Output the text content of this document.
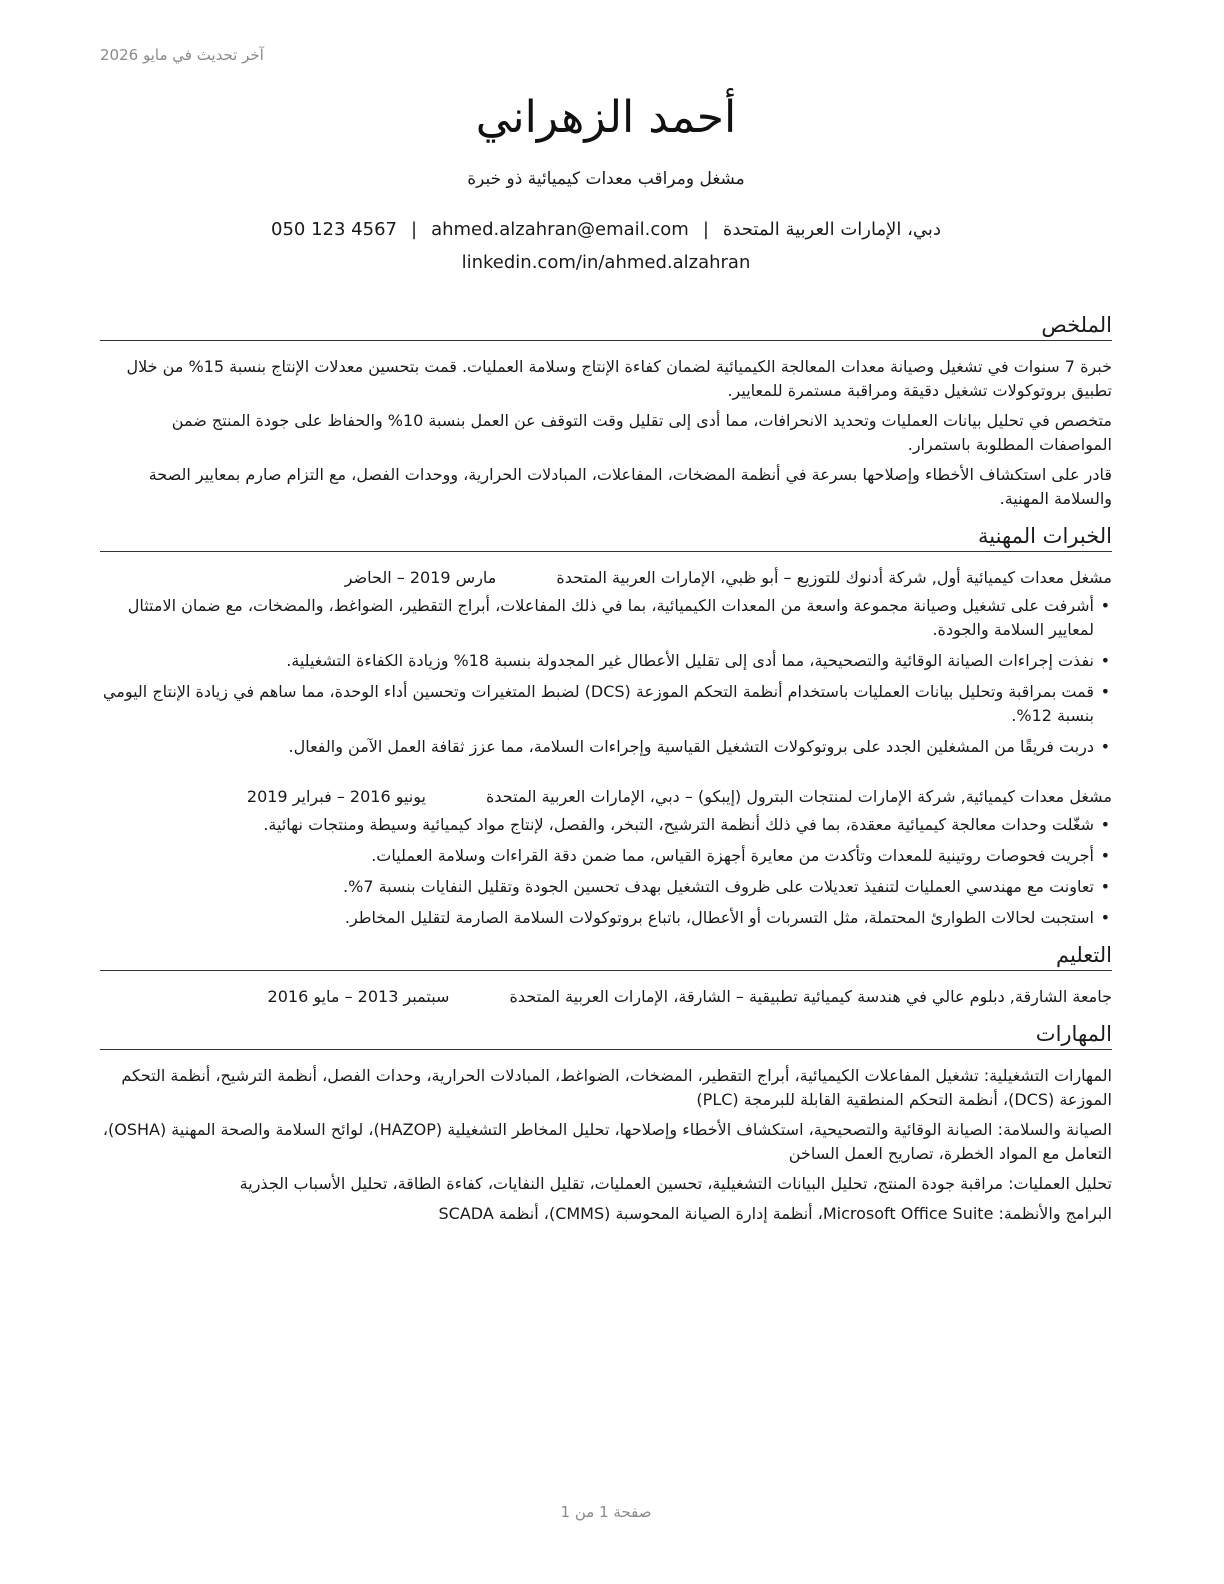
آخر تحديث في مايو 2026
أحمد الزهراني
مشغل ومراقب معدات كيميائية ذو خبرة
دبي، الإمارات العربية المتحدة|ahmed.alzahran@email.com|050 123 4567
linkedin.com/in/ahmed.alzahran
الملخص

خبرة 7 سنوات في تشغيل وصيانة معدات المعالجة الكيميائية لضمان كفاءة الإنتاج وسلامة العمليات. قمت بتحسين معدلات الإنتاج بنسبة 15% من خلال تطبيق بروتوكولات تشغيل دقيقة ومراقبة مستمرة للمعايير.

متخصص في تحليل بيانات العمليات وتحديد الانحرافات، مما أدى إلى تقليل وقت التوقف عن العمل بنسبة 10% والحفاظ على جودة المنتج ضمن المواصفات المطلوبة باستمرار.

قادر على استكشاف الأخطاء وإصلاحها بسرعة في أنظمة المضخات، المفاعلات، المبادلات الحرارية، ووحدات الفصل، مع التزام صارم بمعايير الصحة والسلامة المهنية.

الخبرات المهنية
مشغل معدات كيميائية أول, شركة أدنوك للتوزيع – أبو ظبي، الإمارات العربية المتحدة
مارس 2019 – الحاضر
•
أشرفت على تشغيل وصيانة مجموعة واسعة من المعدات الكيميائية، بما في ذلك المفاعلات، أبراج التقطير، الضواغط، والمضخات، مع ضمان الامتثال لمعايير السلامة والجودة.
•
نفذت إجراءات الصيانة الوقائية والتصحيحية، مما أدى إلى تقليل الأعطال غير المجدولة بنسبة 18% وزيادة الكفاءة التشغيلية.
•
قمت بمراقبة وتحليل بيانات العمليات باستخدام أنظمة التحكم الموزعة (DCS) لضبط المتغيرات وتحسين أداء الوحدة، مما ساهم في زيادة الإنتاج اليومي بنسبة 12%.
•
دربت فريقًا من المشغلين الجدد على بروتوكولات التشغيل القياسية وإجراءات السلامة، مما عزز ثقافة العمل الآمن والفعال.
مشغل معدات كيميائية, شركة الإمارات لمنتجات البترول (إيبكو) – دبي، الإمارات العربية المتحدة
يونيو 2016 – فبراير 2019
•
شغّلت وحدات معالجة كيميائية معقدة، بما في ذلك أنظمة الترشيح، التبخر، والفصل، لإنتاج مواد كيميائية وسيطة ومنتجات نهائية.
•
أجريت فحوصات روتينية للمعدات وتأكدت من معايرة أجهزة القياس، مما ضمن دقة القراءات وسلامة العمليات.
•
تعاونت مع مهندسي العمليات لتنفيذ تعديلات على ظروف التشغيل بهدف تحسين الجودة وتقليل النفايات بنسبة 7%.
•
استجبت لحالات الطوارئ المحتملة، مثل التسربات أو الأعطال، باتباع بروتوكولات السلامة الصارمة لتقليل المخاطر.
التعليم
جامعة الشارقة, دبلوم عالي في هندسة كيميائية تطبيقية – الشارقة، الإمارات العربية المتحدة
سبتمبر 2013 – مايو 2016
المهارات

المهارات التشغيلية: تشغيل المفاعلات الكيميائية، أبراج التقطير، المضخات، الضواغط، المبادلات الحرارية، وحدات الفصل، أنظمة الترشيح، أنظمة التحكم الموزعة (DCS)، أنظمة التحكم المنطقية القابلة للبرمجة (PLC)

الصيانة والسلامة: الصيانة الوقائية والتصحيحية، استكشاف الأخطاء وإصلاحها، تحليل المخاطر التشغيلية (HAZOP)، لوائح السلامة والصحة المهنية (OSHA)، التعامل مع المواد الخطرة، تصاريح العمل الساخن

تحليل العمليات: مراقبة جودة المنتج، تحليل البيانات التشغيلية، تحسين العمليات، تقليل النفايات، كفاءة الطاقة، تحليل الأسباب الجذرية

البرامج والأنظمة: Microsoft Office Suite، أنظمة إدارة الصيانة المحوسبة (CMMS)، أنظمة SCADA

صفحة 1 من 1
